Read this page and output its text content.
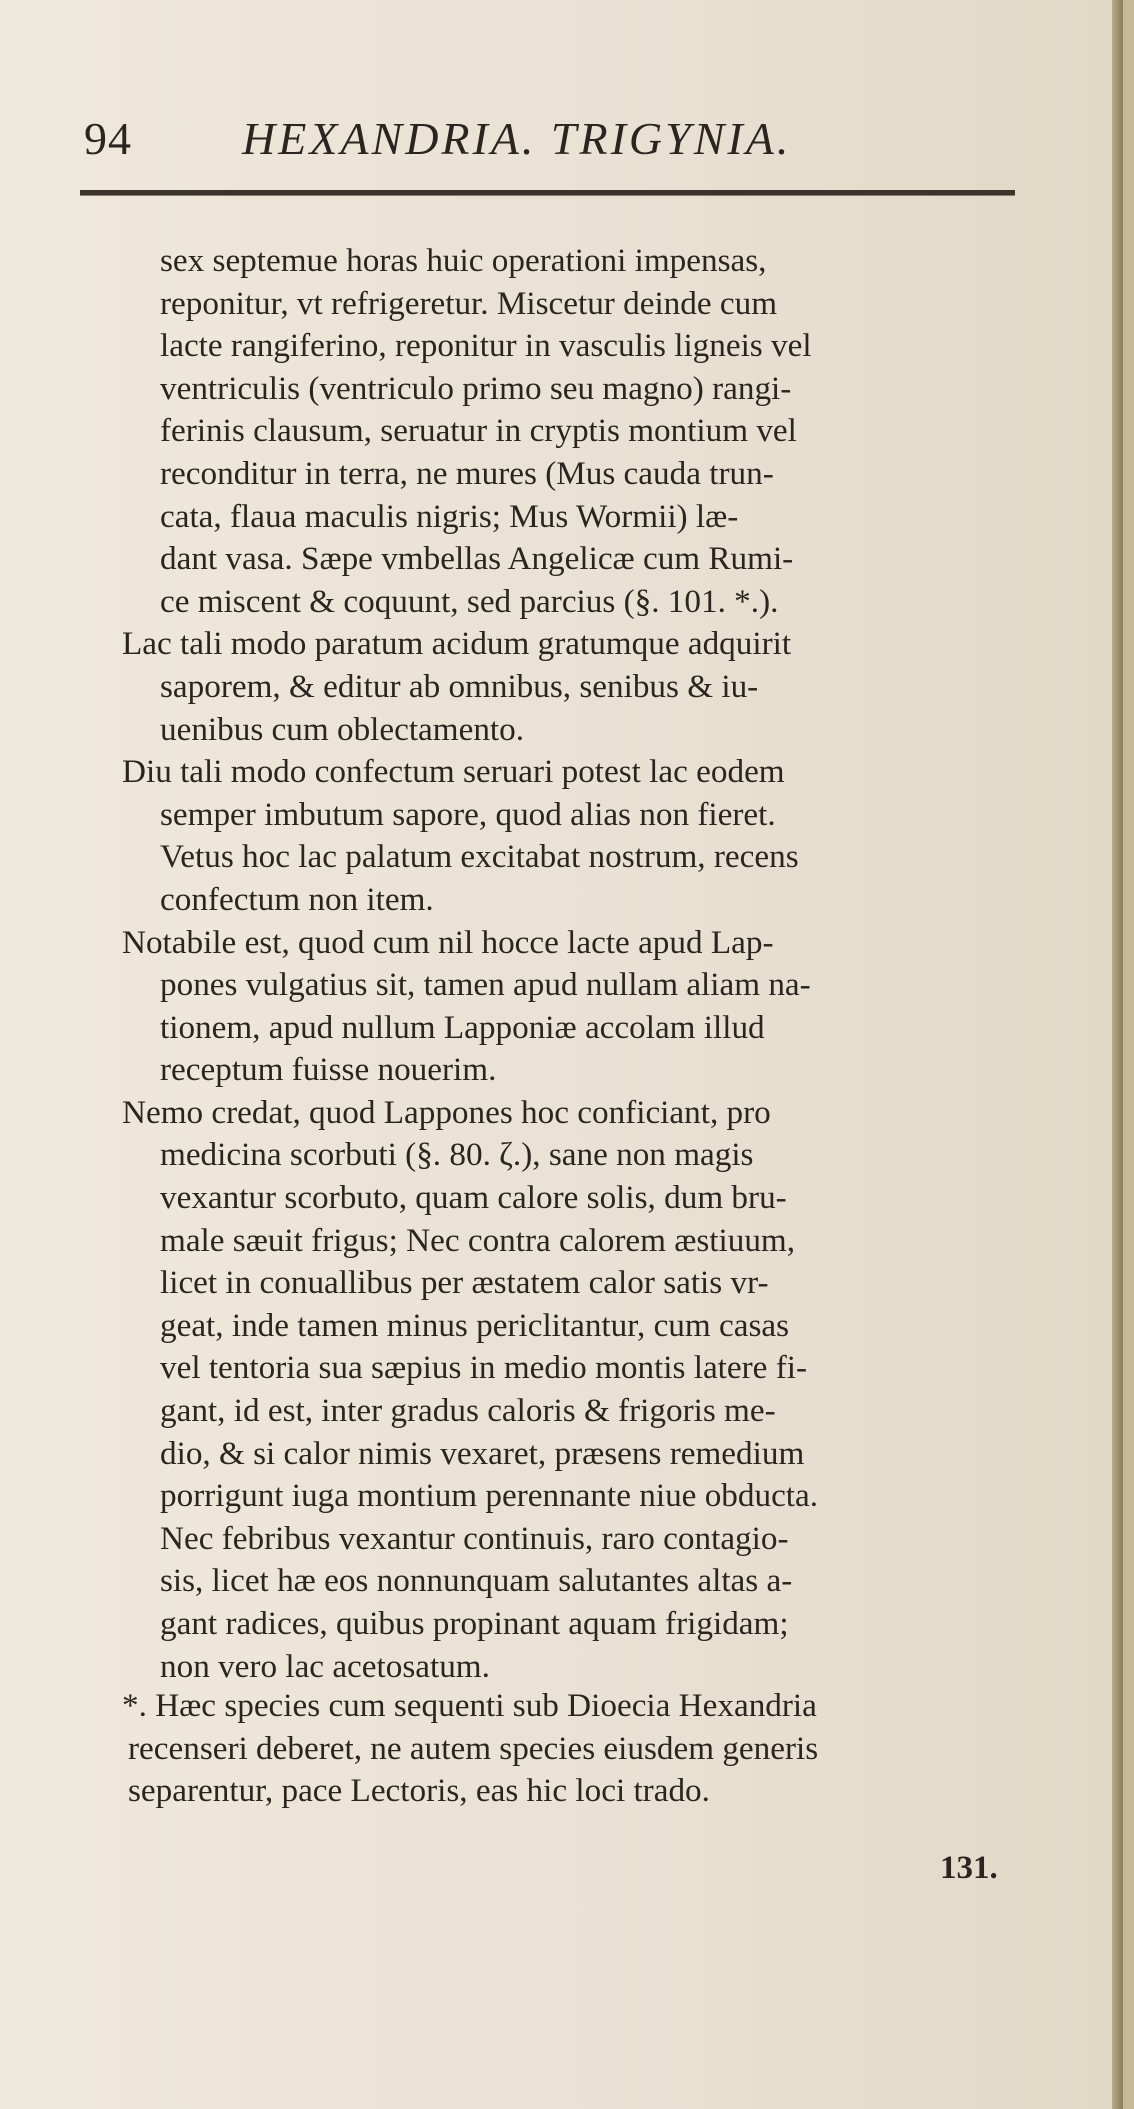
94 HEXANDRIA. TRIGYNIA.

sex septemue horas huic operationi impensas,
reponitur, vt refrigeretur. Miscetur deinde cum
lacte rangiferino, reponitur in vasculis ligneis vel
ventriculis (ventriculo primo seu magno) rangi-
ferinis clausum, seruatur in cryptis montium vel
reconditur in terra, ne mures (Mus cauda trun-
cata, flaua maculis nigris; Mus Wormii) læ-
dant vasa. Sæpe vmbellas Angelicæ cum Rumi-
ce miscent & coquunt, sed parcius (§. 101. *.).

Lac tali modo paratum acidum gratumque adquirit
saporem, & editur ab omnibus, senibus & iu-
uenibus cum oblectamento.

Diu tali modo confectum seruari potest lac eodem
semper imbutum sapore, quod alias non fieret.
Vetus hoc lac palatum excitabat nostrum, recens
confectum non item.

Notabile est, quod cum nil hocce lacte apud Lap-
pones vulgatius sit, tamen apud nullam aliam na-
tionem, apud nullum Lapponiæ accolam illud
receptum fuisse nouerim.

Nemo credat, quod Lappones hoc conficiant, pro
medicina scorbuti (§. 80. ζ.), sane non magis
vexantur scorbuto, quam calore solis, dum bru-
male sæuit frigus; Nec contra calorem æstiuum,
licet in conuallibus per æstatem calor satis vr-
geat, inde tamen minus periclitantur, cum casas
vel tentoria sua sæpius in medio montis latere fi-
gant, id est, inter gradus caloris & frigoris me-
dio, & si calor nimis vexaret, præsens remedium
porrigunt iuga montium perennante niue obducta.
Nec febribus vexantur continuis, raro contagio-
sis, licet hæ eos nonnunquam salutantes altas a-
gant radices, quibus propinant aquam frigidam;
non vero lac acetosatum.

*. Hæc species cum sequenti sub Dioecia Hexandria
recenseri deberet, ne autem species eiusdem generis
separentur, pace Lectoris, eas hic loci trado.
131.
